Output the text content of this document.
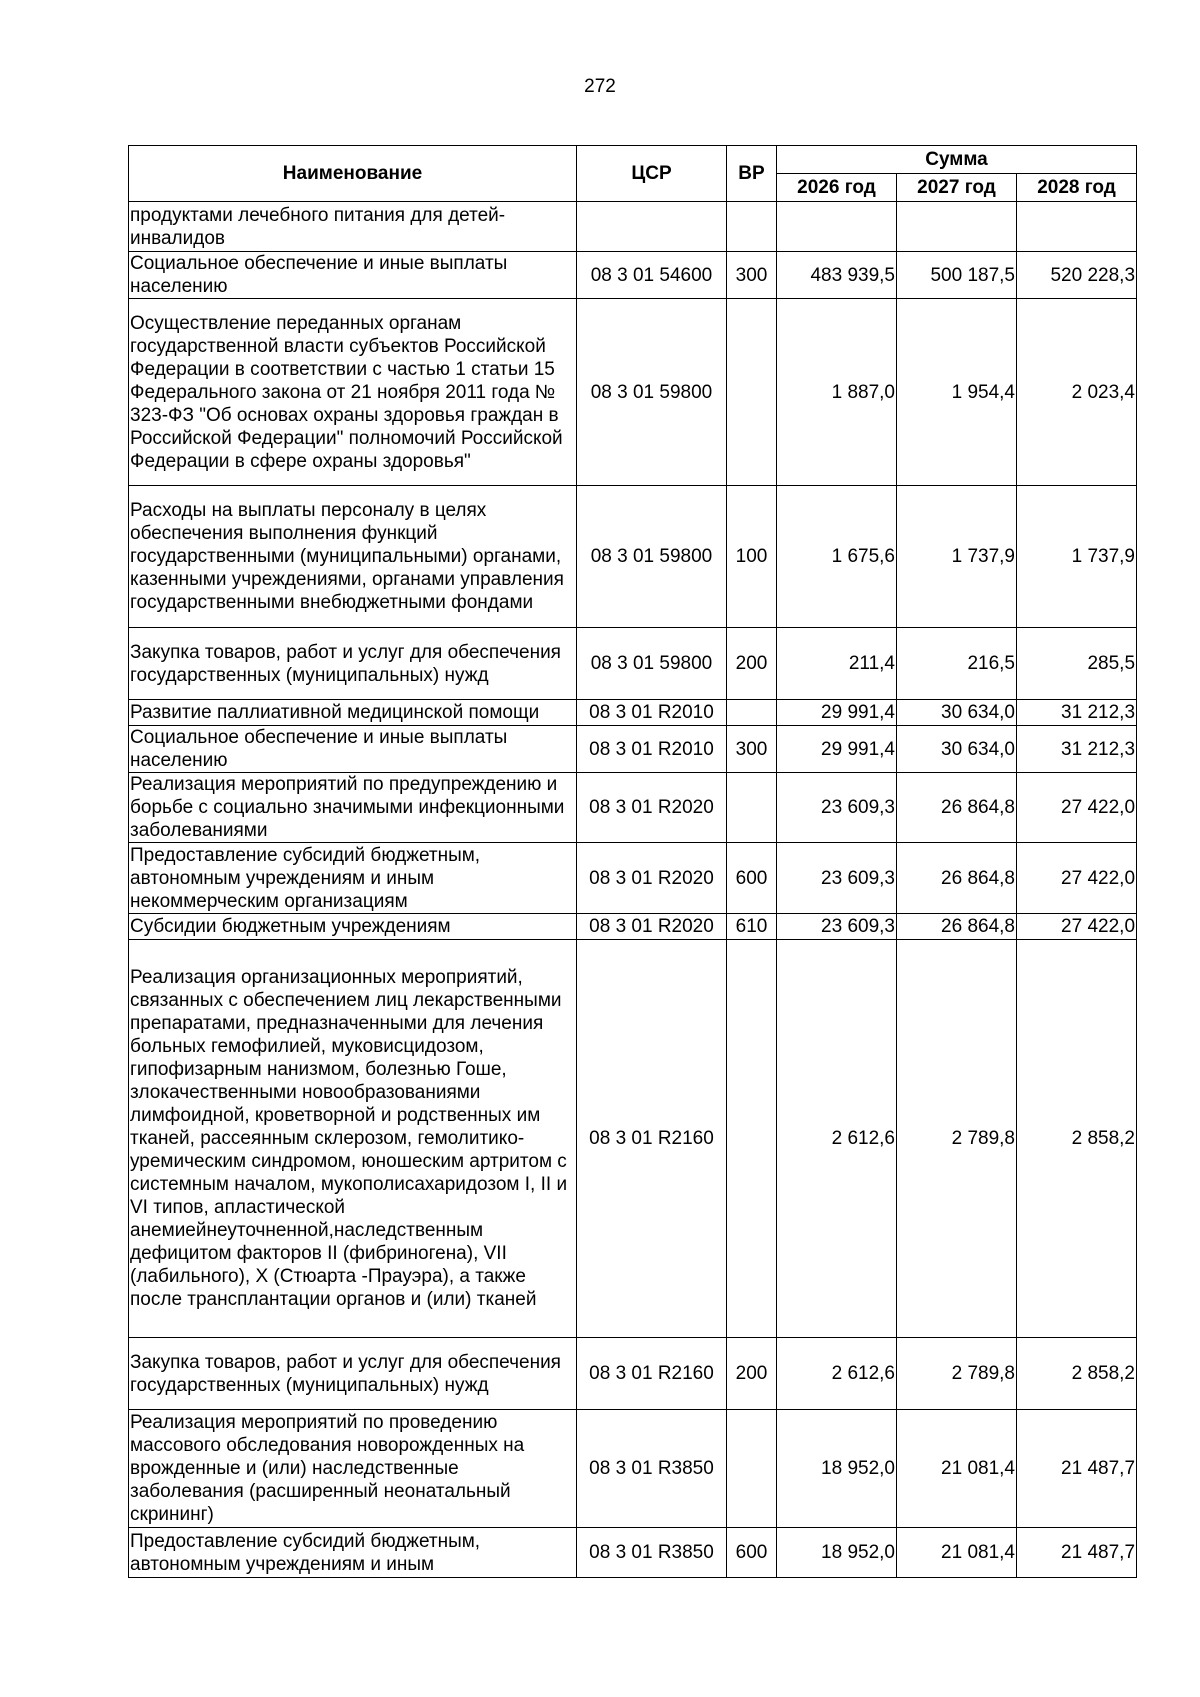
272
Наименование	ЦСР	ВР	Сумма		
			2026 год	2027 год	2028 год
продуктами лечебного питания для детей-инвалидов					
Социальное обеспечение и иные выплаты населению	08 3 01 54600	300	483 939,5	500 187,5	520 228,3
Осуществление переданных органам государственной власти субъектов Российской Федерации в соответствии с частью 1 статьи 15 Федерального закона от 21 ноября 2011 года № 323-ФЗ "Об основах охраны здоровья граждан в Российской Федерации" полномочий Российской Федерации в сфере охраны здоровья"	08 3 01 59800		1 887,0	1 954,4	2 023,4
Расходы на выплаты персоналу в целях обеспечения выполнения функций государственными (муниципальными) органами, казенными учреждениями, органами управления государственными внебюджетными фондами	08 3 01 59800	100	1 675,6	1 737,9	1 737,9
Закупка товаров, работ и услуг для обеспечения государственных (муниципальных) нужд	08 3 01 59800	200	211,4	216,5	285,5
Развитие паллиативной медицинской помощи	08 3 01 R2010		29 991,4	30 634,0	31 212,3
Социальное обеспечение и иные выплаты населению	08 3 01 R2010	300	29 991,4	30 634,0	31 212,3
Реализация мероприятий по предупреждению и борьбе с социально значимыми инфекционными заболеваниями	08 3 01 R2020		23 609,3	26 864,8	27 422,0
Предоставление субсидий бюджетным, автономным учреждениям и иным некоммерческим организациям	08 3 01 R2020	600	23 609,3	26 864,8	27 422,0
Субсидии бюджетным учреждениям	08 3 01 R2020	610	23 609,3	26 864,8	27 422,0
Реализация организационных мероприятий, связанных с обеспечением лиц лекарственными препаратами, предназначенными для лечения больных гемофилией, муковисцидозом, гипофизарным нанизмом, болезнью Гоше, злокачественными новообразованиями лимфоидной, кроветворной и родственных им тканей, рассеянным склерозом, гемолитико-уремическим синдромом, юношеским артритом с системным началом, мукополисахаридозом I, II и VI типов, апластической анемиейнеуточненной,наследственным дефицитом факторов II (фибриногена), VII (лабильного), X (Стюарта -Прауэра), а также после трансплантации органов и (или) тканей	08 3 01 R2160		2 612,6	2 789,8	2 858,2
Закупка товаров, работ и услуг для обеспечения государственных (муниципальных) нужд	08 3 01 R2160	200	2 612,6	2 789,8	2 858,2
Реализация мероприятий по проведению массового обследования новорожденных на врожденные и (или) наследственные заболевания (расширенный неонатальный скрининг)	08 3 01 R3850		18 952,0	21 081,4	21 487,7
Предоставление субсидий бюджетным, автономным учреждениям и иным	08 3 01 R3850	600	18 952,0	21 081,4	21 487,7
